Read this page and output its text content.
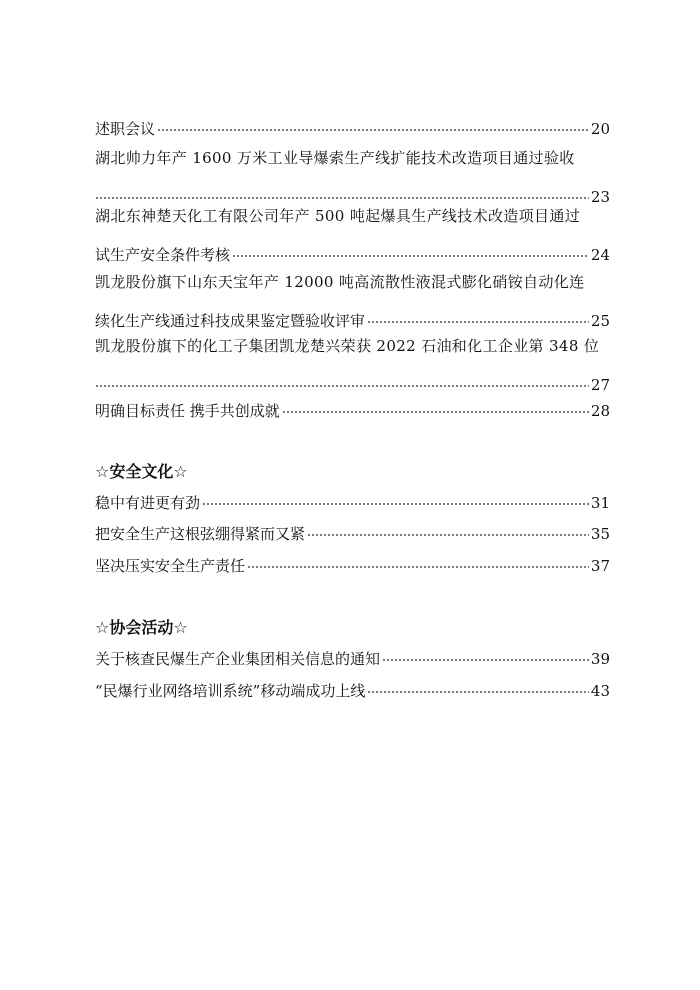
述职会议	20
湖北帅力年产 1600 万米工业导爆索生产线扩能技术改造项目通过验收
23
湖北东神楚天化工有限公司年产 500 吨起爆具生产线技术改造项目通过
试生产安全条件考核	24
凯龙股份旗下山东天宝年产 12000 吨高流散性液混式膨化硝铵自动化连
续化生产线通过科技成果鉴定暨验收评审	25
凯龙股份旗下的化工子集团凯龙楚兴荣获 2022 石油和化工企业第 348 位
27
明确目标责任 携手共创成就	28
☆安全文化☆
稳中有进更有劲	31
把安全生产这根弦绷得紧而又紧	35
坚决压实安全生产责任	37
☆协会活动☆
关于核查民爆生产企业集团相关信息的通知	39
“民爆行业网络培训系统”移动端成功上线	43
